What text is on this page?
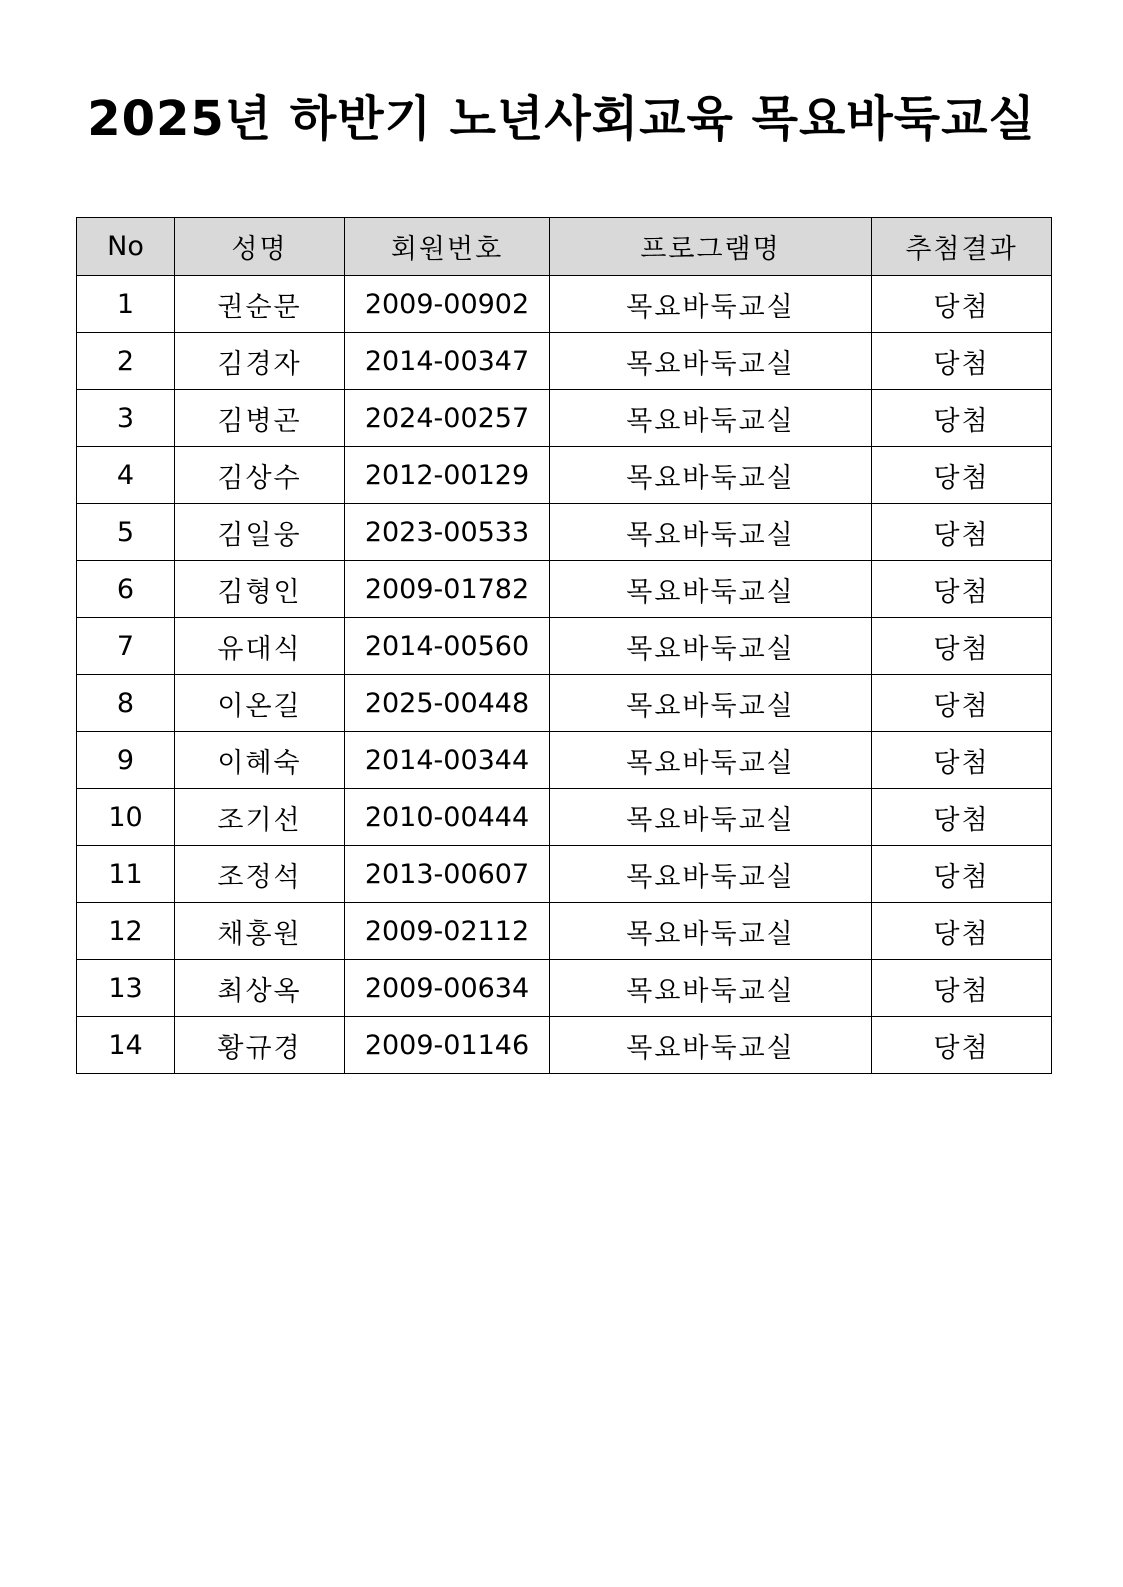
2025년 하반기 노년사회교육 목요바둑교실
No	성명	회원번호	프로그램명	추첨결과
1	권순문	2009-00902	목요바둑교실	당첨
2	김경자	2014-00347	목요바둑교실	당첨
3	김병곤	2024-00257	목요바둑교실	당첨
4	김상수	2012-00129	목요바둑교실	당첨
5	김일웅	2023-00533	목요바둑교실	당첨
6	김형인	2009-01782	목요바둑교실	당첨
7	유대식	2014-00560	목요바둑교실	당첨
8	이온길	2025-00448	목요바둑교실	당첨
9	이혜숙	2014-00344	목요바둑교실	당첨
10	조기선	2010-00444	목요바둑교실	당첨
11	조정석	2013-00607	목요바둑교실	당첨
12	채홍원	2009-02112	목요바둑교실	당첨
13	최상옥	2009-00634	목요바둑교실	당첨
14	황규경	2009-01146	목요바둑교실	당첨
